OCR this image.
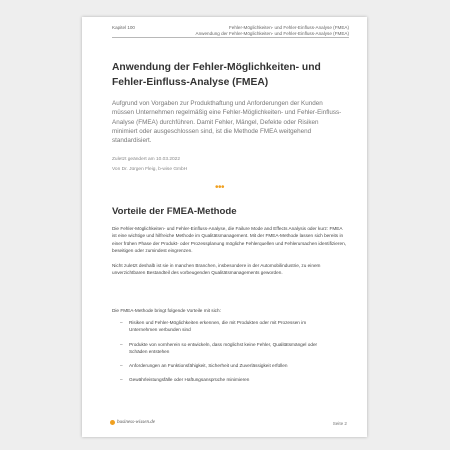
Kapitel 100	Fehler-Möglichkeiten- und Fehler-Einfluss-Analyse (FMEA)
Anwendung der Fehler-Möglichkeiten- und Fehler-Einfluss-Analyse (FMEA)
Anwendung der Fehler-Möglichkeiten- und Fehler-Einfluss-Analyse (FMEA)
Aufgrund von Vorgaben zur Produkthaftung und Anforderungen der Kunden müssen Unternehmen regelmäßig eine Fehler-Möglichkeiten- und Fehler-Einfluss-Analyse (FMEA) durchführen. Damit Fehler, Mängel, Defekte oder Risiken minimiert oder ausgeschlossen sind, ist die Methode FMEA weitgehend standardisiert.
Zuletzt geändert am 10.03.2022
Von Dr. Jürgen Fleig, b-wise GmbH
•••
Vorteile der FMEA-Methode

Die Fehler-Möglichkeiten- und Fehler-Einfluss-Analyse, die Failure Mode and Effects Analysis oder kurz: FMEA ist eine wichtige und hilfreiche Methode im Qualitätsmanagement. Mit der FMEA-Methode lassen sich bereits in einer frühen Phase der Produkt- oder Prozessplanung mögliche Fehlerquellen und Fehlerursachen identifizieren, beseitigen oder zumindest eingrenzen.

Nicht zuletzt deshalb ist sie in manchen Branchen, insbesondere in der Automobilindustrie, zu einem unverzichtbaren Bestandteil des vorbeugenden Qualitätsmanagements geworden.

Die FMEA-Methode bringt folgende Vorteile mit sich:

– Risiken und Fehler-Möglichkeiten erkennen, die mit Produkten oder mit Prozessen im Unternehmen verbunden sind
– Produkte von vornherein so entwickeln, dass möglichst keine Fehler, Qualitätsmängel oder Schäden entstehen
– Anforderungen an Funktionsfähigkeit, Sicherheit und Zuverlässigkeit erfüllen
– Gewährleistungsfälle oder Haftungsansprüche minimieren
business-wissen.de	Seite 2
